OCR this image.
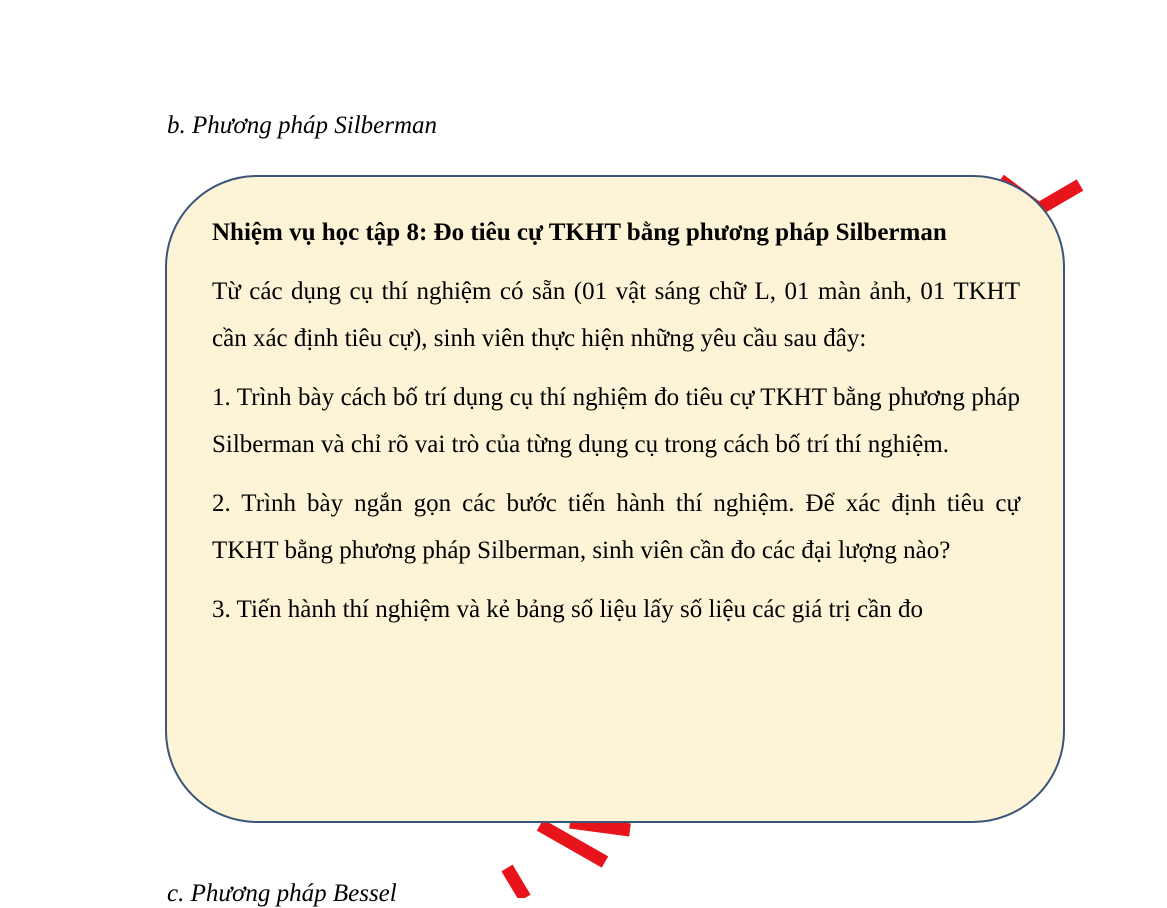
b. Phương pháp Silberman

Nhiệm vụ học tập 8: Đo tiêu cự TKHT bằng phương pháp Silberman

Từ các dụng cụ thí nghiệm có sẵn (01 vật sáng chữ L, 01 màn ảnh, 01 TKHT cần xác định tiêu cự), sinh viên thực hiện những yêu cầu sau đây:

1. Trình bày cách bố trí dụng cụ thí nghiệm đo tiêu cự TKHT bằng phương pháp Silberman và chỉ rõ vai trò của từng dụng cụ trong cách bố trí thí nghiệm.

2. Trình bày ngắn gọn các bước tiến hành thí nghiệm. Để xác định tiêu cự TKHT bằng phương pháp Silberman, sinh viên cần đo các đại lượng nào?

3. Tiến hành thí nghiệm và kẻ bảng số liệu lấy số liệu các giá trị cần đo

c. Phương pháp Bessel
